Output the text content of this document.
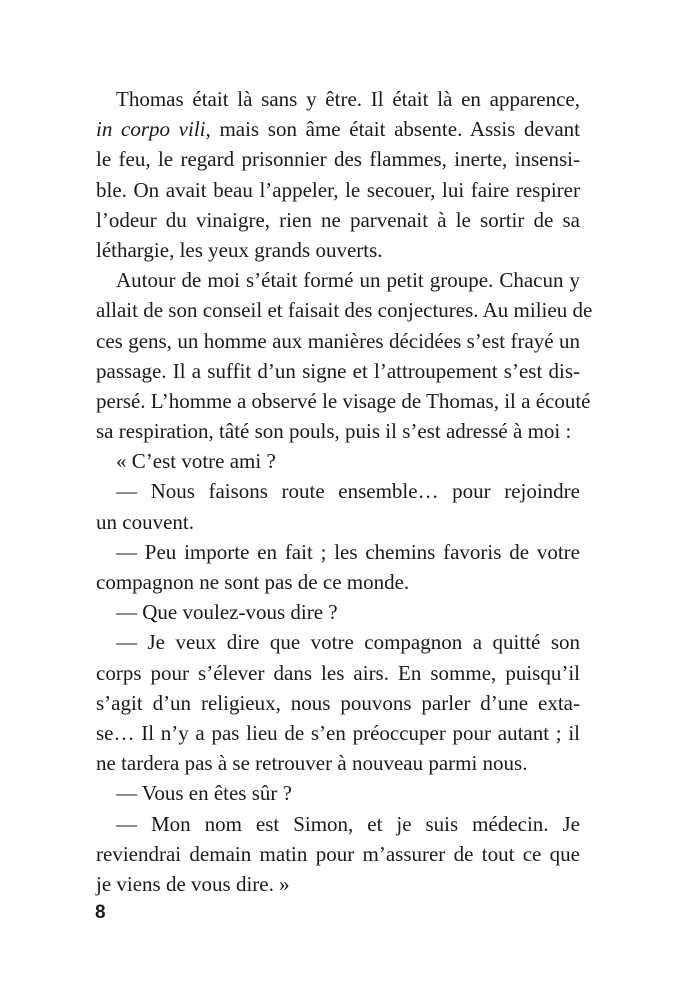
Thomas était là sans y être. Il était là en apparence,
in corpo vili, mais son âme était absente. Assis devant
le feu, le regard prisonnier des flammes, inerte, insensi-
ble. On avait beau l’appeler, le secouer, lui faire respirer
l’odeur du vinaigre, rien ne parvenait à le sortir de sa
léthargie, les yeux grands ouverts.
Autour de moi s’était formé un petit groupe. Chacun y
allait de son conseil et faisait des conjectures. Au milieu de
ces gens, un homme aux manières décidées s’est frayé un
passage. Il a suffit d’un signe et l’attroupement s’est dis-
persé. L’homme a observé le visage de Thomas, il a écouté
sa respiration, tâté son pouls, puis il s’est adressé à moi :
« C’est votre ami ?
— Nous faisons route ensemble… pour rejoindre
un couvent.
— Peu importe en fait ; les chemins favoris de votre
compagnon ne sont pas de ce monde.
— Que voulez-vous dire ?
— Je veux dire que votre compagnon a quitté son
corps pour s’élever dans les airs. En somme, puisqu’il
s’agit d’un religieux, nous pouvons parler d’une exta-
se… Il n’y a pas lieu de s’en préoccuper pour autant ; il
ne tardera pas à se retrouver à nouveau parmi nous.
— Vous en êtes sûr ?
— Mon nom est Simon, et je suis médecin. Je
reviendrai demain matin pour m’assurer de tout ce que
je viens de vous dire. »
8
